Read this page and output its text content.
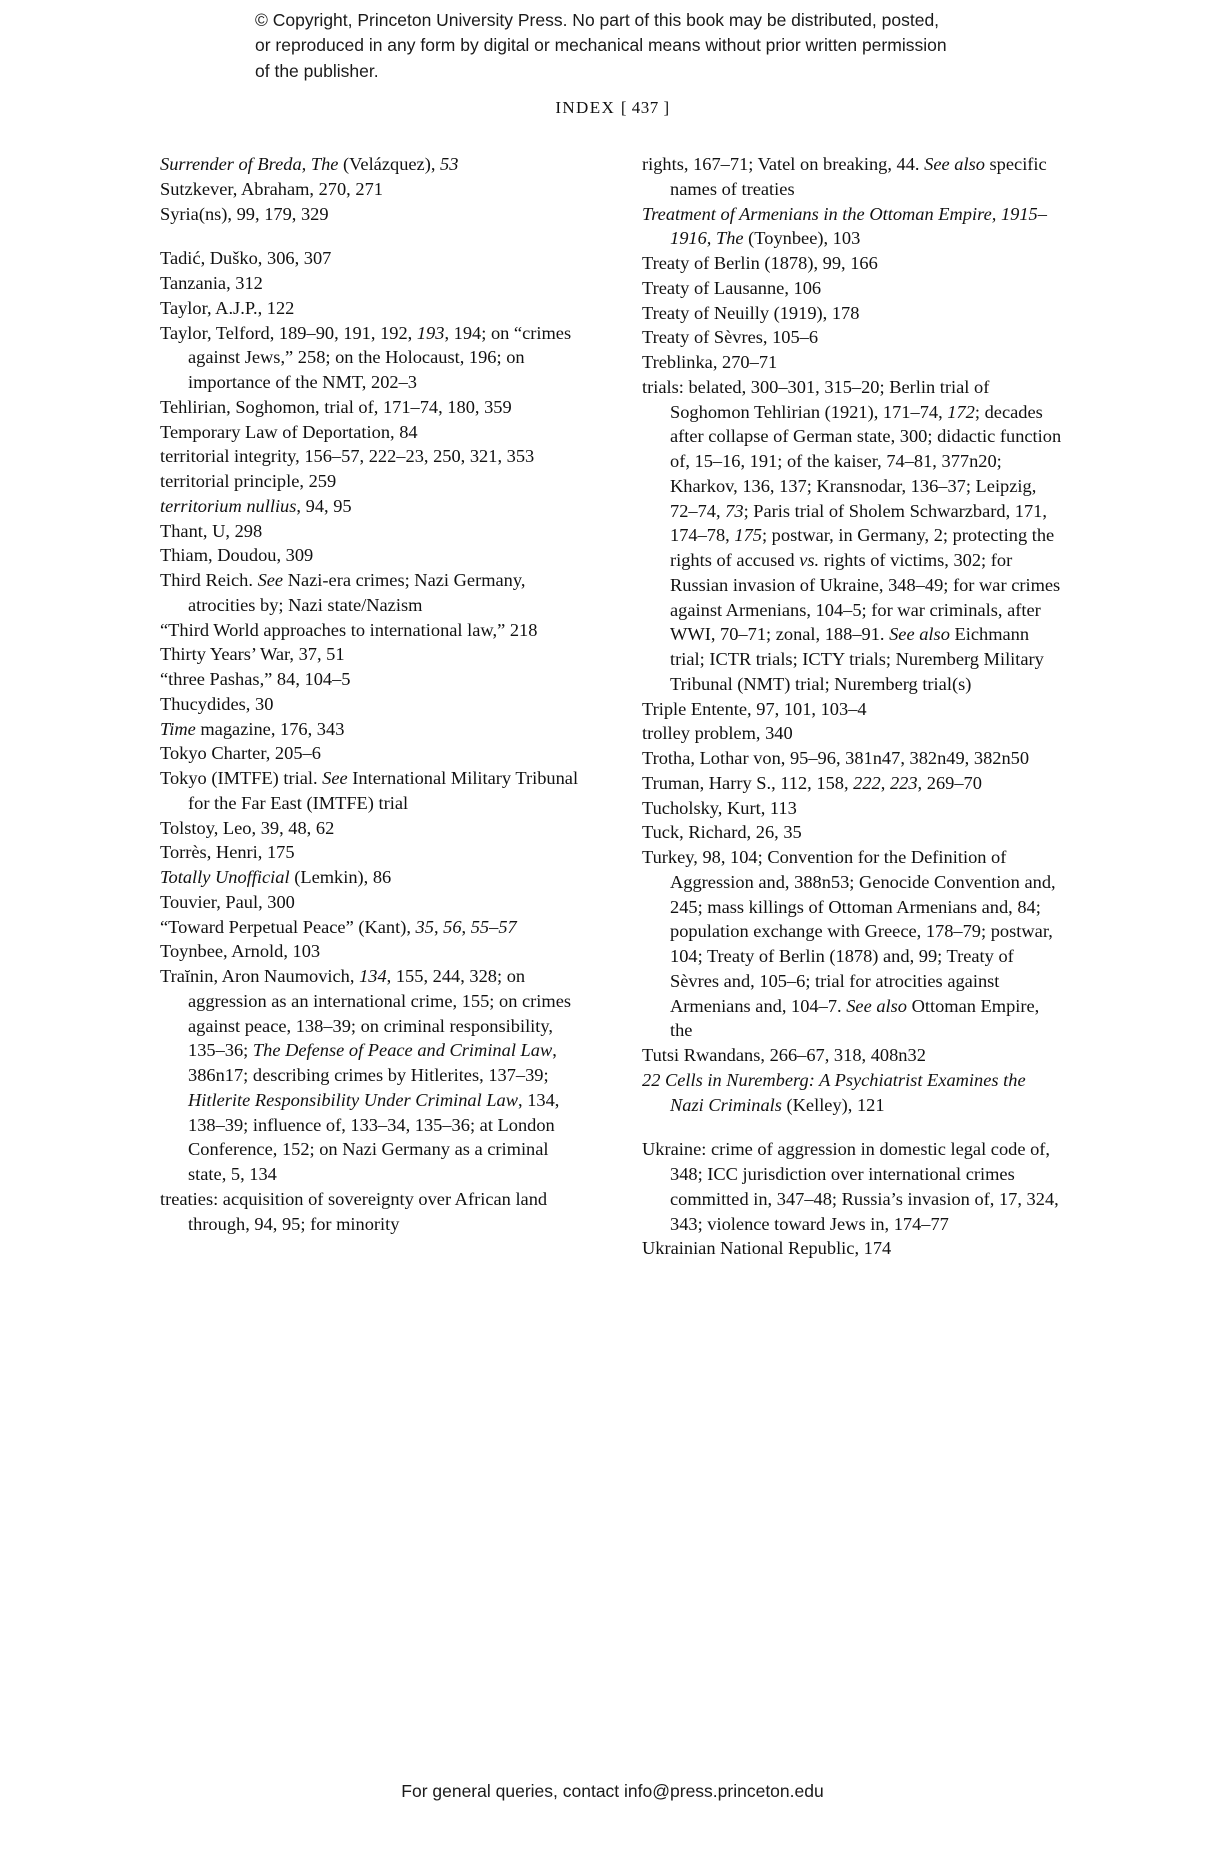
© Copyright, Princeton University Press. No part of this book may be distributed, posted, or reproduced in any form by digital or mechanical means without prior written permission of the publisher.
INDEX [ 437 ]

Surrender of Breda, The (Velázquez), 53

Sutzkever, Abraham, 270, 271

Syria(ns), 99, 179, 329

Tadić, Duško, 306, 307

Tanzania, 312

Taylor, A.J.P., 122

Taylor, Telford, 189–90, 191, 192, 193, 194; on “crimes against Jews,” 258; on the Holocaust, 196; on importance of the NMT, 202–3

Tehlirian, Soghomon, trial of, 171–74, 180, 359

Temporary Law of Deportation, 84

territorial integrity, 156–57, 222–23, 250, 321, 353

territorial principle, 259

territorium nullius, 94, 95

Thant, U, 298

Thiam, Doudou, 309

Third Reich. See Nazi-era crimes; Nazi Germany, atrocities by; Nazi state/Nazism

“Third World approaches to international law,” 218

Thirty Years’ War, 37, 51

“three Pashas,” 84, 104–5

Thucydides, 30

Time magazine, 176, 343

Tokyo Charter, 205–6

Tokyo (IMTFE) trial. See International Military Tribunal for the Far East (IMTFE) trial

Tolstoy, Leo, 39, 48, 62

Torrès, Henri, 175

Totally Unofficial (Lemkin), 86

Touvier, Paul, 300

“Toward Perpetual Peace” (Kant), 35, 56, 55–57

Toynbee, Arnold, 103

Traĭnin, Aron Naumovich, 134, 155, 244, 328; on aggression as an international crime, 155; on crimes against peace, 138–39; on criminal responsibility, 135–36; The Defense of Peace and Criminal Law, 386n17; describing crimes by Hitlerites, 137–39; Hitlerite Responsibility Under Criminal Law, 134, 138–39; influence of, 133–34, 135–36; at London Conference, 152; on Nazi Germany as a criminal state, 5, 134

treaties: acquisition of sovereignty over African land through, 94, 95; for minority

rights, 167–71; Vatel on breaking, 44. See also specific names of treaties

Treatment of Armenians in the Ottoman Empire, 1915–1916, The (Toynbee), 103

Treaty of Berlin (1878), 99, 166

Treaty of Lausanne, 106

Treaty of Neuilly (1919), 178

Treaty of Sèvres, 105–6

Treblinka, 270–71

trials: belated, 300–301, 315–20; Berlin trial of Soghomon Tehlirian (1921), 171–74, 172; decades after collapse of German state, 300; didactic function of, 15–16, 191; of the kaiser, 74–81, 377n20; Kharkov, 136, 137; Kransnodar, 136–37; Leipzig, 72–74, 73; Paris trial of Sholem Schwarzbard, 171, 174–78, 175; postwar, in Germany, 2; protecting the rights of accused vs. rights of victims, 302; for Russian invasion of Ukraine, 348–49; for war crimes against Armenians, 104–5; for war criminals, after WWI, 70–71; zonal, 188–91. See also Eichmann trial; ICTR trials; ICTY trials; Nuremberg Military Tribunal (NMT) trial; Nuremberg trial(s)

Triple Entente, 97, 101, 103–4

trolley problem, 340

Trotha, Lothar von, 95–96, 381n47, 382n49, 382n50

Truman, Harry S., 112, 158, 222, 223, 269–70

Tucholsky, Kurt, 113

Tuck, Richard, 26, 35

Turkey, 98, 104; Convention for the Definition of Aggression and, 388n53; Genocide Convention and, 245; mass killings of Ottoman Armenians and, 84; population exchange with Greece, 178–79; postwar, 104; Treaty of Berlin (1878) and, 99; Treaty of Sèvres and, 105–6; trial for atrocities against Armenians and, 104–7. See also Ottoman Empire, the

Tutsi Rwandans, 266–67, 318, 408n32

22 Cells in Nuremberg: A Psychiatrist Examines the Nazi Criminals (Kelley), 121

Ukraine: crime of aggression in domestic legal code of, 348; ICC jurisdiction over international crimes committed in, 347–48; Russia’s invasion of, 17, 324, 343; violence toward Jews in, 174–77

Ukrainian National Republic, 174

For general queries, contact info@press.princeton.edu
